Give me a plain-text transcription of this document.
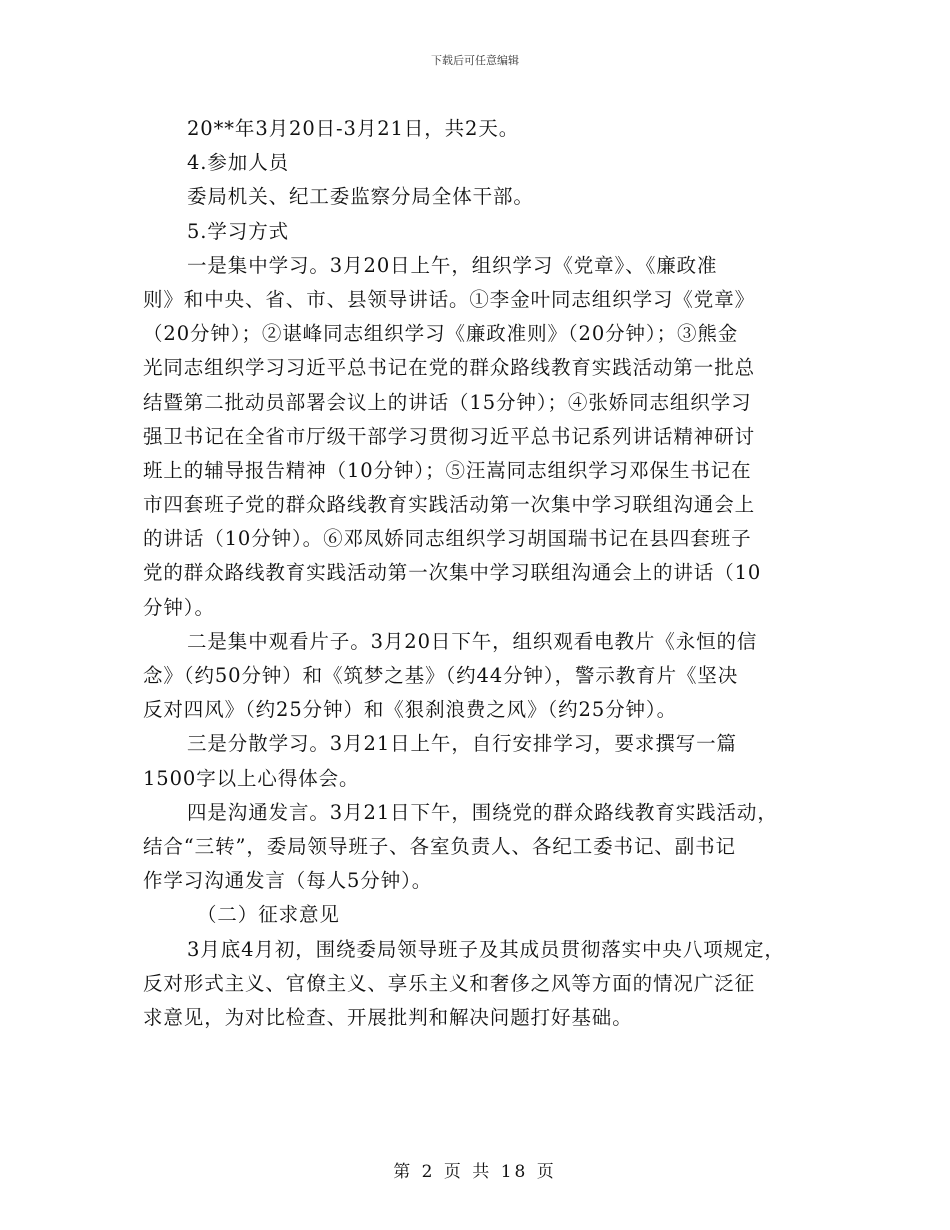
下载后可任意编辑
20**年3月20日-3月21日，共2天。
4.参加人员
委局机关、纪工委监察分局全体干部。
5.学习方式
一是集中学习。3月20日上午，组织学习《党章》、《廉政准
则》和中央、省、市、县领导讲话。①李金叶同志组织学习《党章》
（20分钟）；②谌峰同志组织学习《廉政准则》（20分钟）；③熊金
光同志组织学习习近平总书记在党的群众路线教育实践活动第一批总
结暨第二批动员部署会议上的讲话（15分钟）；④张娇同志组织学习
强卫书记在全省市厅级干部学习贯彻习近平总书记系列讲话精神研讨
班上的辅导报告精神（10分钟）；⑤汪嵩同志组织学习邓保生书记在
市四套班子党的群众路线教育实践活动第一次集中学习联组沟通会上
的讲话（10分钟）。⑥邓凤娇同志组织学习胡国瑞书记在县四套班子
党的群众路线教育实践活动第一次集中学习联组沟通会上的讲话（10
分钟）。
二是集中观看片子。3月20日下午，组织观看电教片《永恒的信
念》（约50分钟）和《筑梦之基》（约44分钟），警示教育片《坚决
反对四风》（约25分钟）和《狠刹浪费之风》（约25分钟）。
三是分散学习。3月21日上午，自行安排学习，要求撰写一篇
1500字以上心得体会。
四是沟通发言。3月21日下午，围绕党的群众路线教育实践活动，
结合“三转”，委局领导班子、各室负责人、各纪工委书记、副书记
作学习沟通发言（每人5分钟）。
（二）征求意见
3月底4月初，围绕委局领导班子及其成员贯彻落实中央八项规定，
反对形式主义、官僚主义、享乐主义和奢侈之风等方面的情况广泛征
求意见，为对比检查、开展批判和解决问题打好基础。
第 2 页 共 18 页
